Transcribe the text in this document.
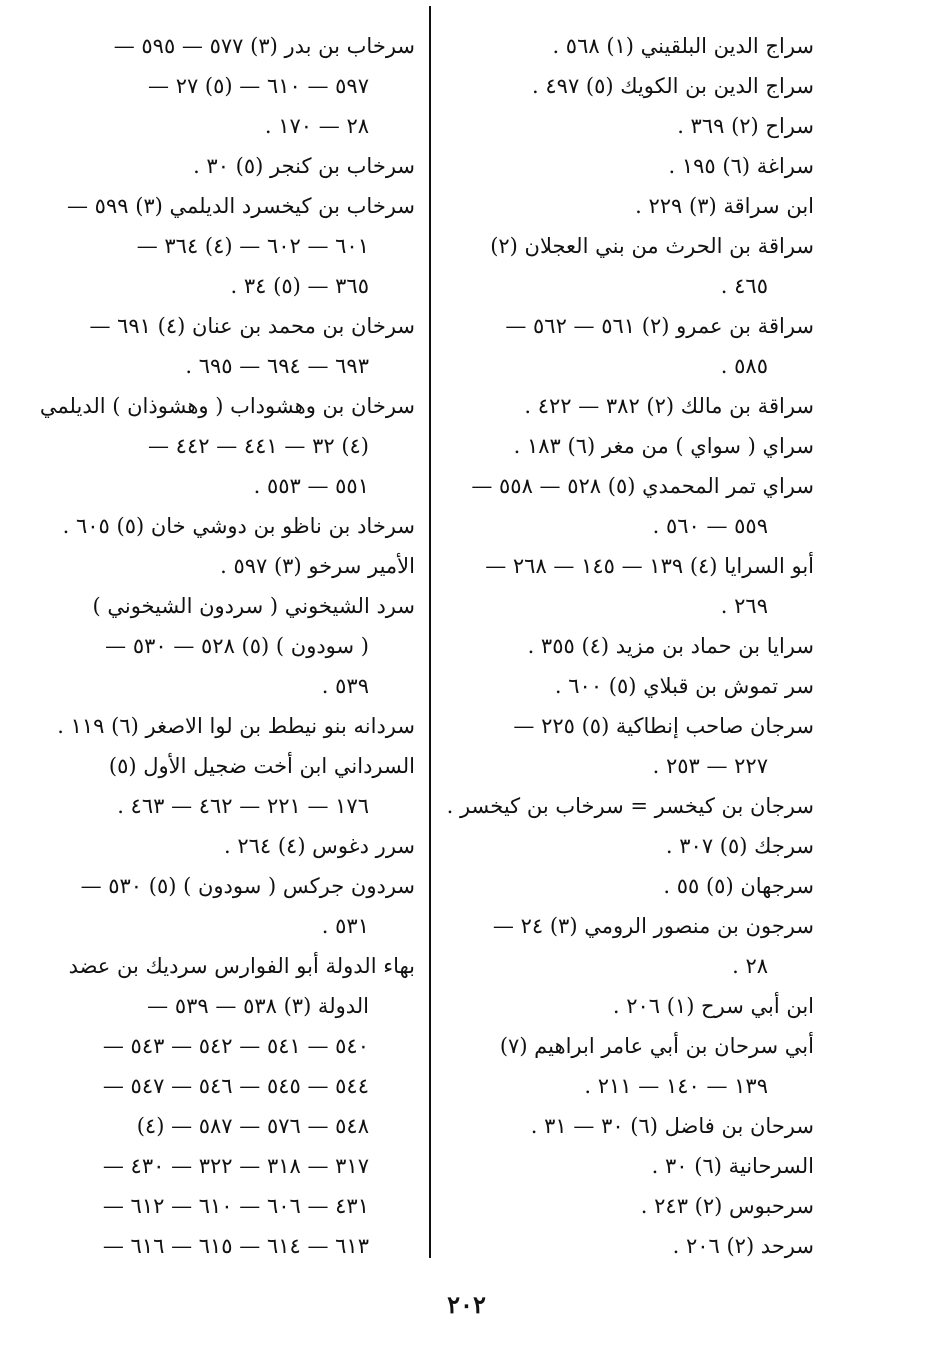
سراج الدين البلقيني (١) ٥٦٨ .
سراج الدين بن الكويك (٥) ٤٩٧ .
سراح (٢) ٣٦٩ .
سراغة (٦) ١٩٥ .
ابن سراقة (٣) ٢٢٩ .
سراقة بن الحرث من بني العجلان (٢)
٤٦٥ .
سراقة بن عمرو (٢) ٥٦١ — ٥٦٢ —
٥٨٥ .
سراقة بن مالك (٢) ٣٨٢ — ٤٢٢ .
سراي ( سواي ) من مغر (٦) ١٨٣ .
سراي تمر المحمدي (٥) ٥٢٨ — ٥٥٨ —
٥٥٩ — ٥٦٠ .
أبو السرايا (٤) ١٣٩ — ١٤٥ — ٢٦٨ —
٢٦٩ .
سرايا بن حماد بن مزيد (٤) ٣٥٥ .
سر تموش بن قبلاي (٥) ٦٠٠ .
سرجان صاحب إنطاكية (٥) ٢٢٥ —
٢٢٧ — ٢٥٣ .
سرجان بن كيخسر = سرخاب بن كيخسر .
سرجك (٥) ٣٠٧ .
سرجهان (٥) ٥٥ .
سرجون بن منصور الرومي (٣) ٢٤ —
٢٨ .
ابن أبي سرح (١) ٢٠٦ .
أبي سرحان بن أبي عامر ابراهيم (٧)
١٣٩ — ١٤٠ — ٢١١ .
سرحان بن فاضل (٦) ٣٠ — ٣١ .
السرحانية (٦) ٣٠ .
سرحبوس (٢) ٢٤٣ .
سرحد (٢) ٢٠٦ .
سرخاب بن بدر (٣) ٥٧٧ — ٥٩٥ —
٥٩٧ — ٦١٠ — (٥) ٢٧ —
٢٨ — ١٧٠ .
سرخاب بن كنجر (٥) ٣٠ .
سرخاب بن كيخسرد الديلمي (٣) ٥٩٩ —
٦٠١ — ٦٠٢ — (٤) ٣٦٤ —
٣٦٥ — (٥) ٣٤ .
سرخان بن محمد بن عنان (٤) ٦٩١ —
٦٩٣ — ٦٩٤ — ٦٩٥ .
سرخان بن وهشوداب ( وهشوذان ) الديلمي
(٤) ٣٢ — ٤٤١ — ٤٤٢ —
٥٥١ — ٥٥٣ .
سرخاد بن ناظو بن دوشي خان (٥) ٦٠٥ .
الأمير سرخو (٣) ٥٩٧ .
سرد الشيخوني ( سردون الشيخوني )
( سودون ) (٥) ٥٢٨ — ٥٣٠ —
٥٣٩ .
سردانه بنو نيطط بن لوا الاصغر (٦) ١١٩ .
السرداني ابن أخت ضجيل الأول (٥)
١٧٦ — ٢٢١ — ٤٦٢ — ٤٦٣ .
سرر دغوس (٤) ٢٦٤ .
سردون جركس ( سودون ) (٥) ٥٣٠ —
٥٣١ .
بهاء الدولة أبو الفوارس سرديك بن عضد
الدولة (٣) ٥٣٨ — ٥٣٩ —
٥٤٠ — ٥٤١ — ٥٤٢ — ٥٤٣ —
٥٤٤ — ٥٤٥ — ٥٤٦ — ٥٤٧ —
٥٤٨ — ٥٧٦ — ٥٨٧ — (٤)
٣١٧ — ٣١٨ — ٣٢٢ — ٤٣٠ —
٤٣١ — ٦٠٦ — ٦١٠ — ٦١٢ —
٦١٣ — ٦١٤ — ٦١٥ — ٦١٦ —
٢٠٢
